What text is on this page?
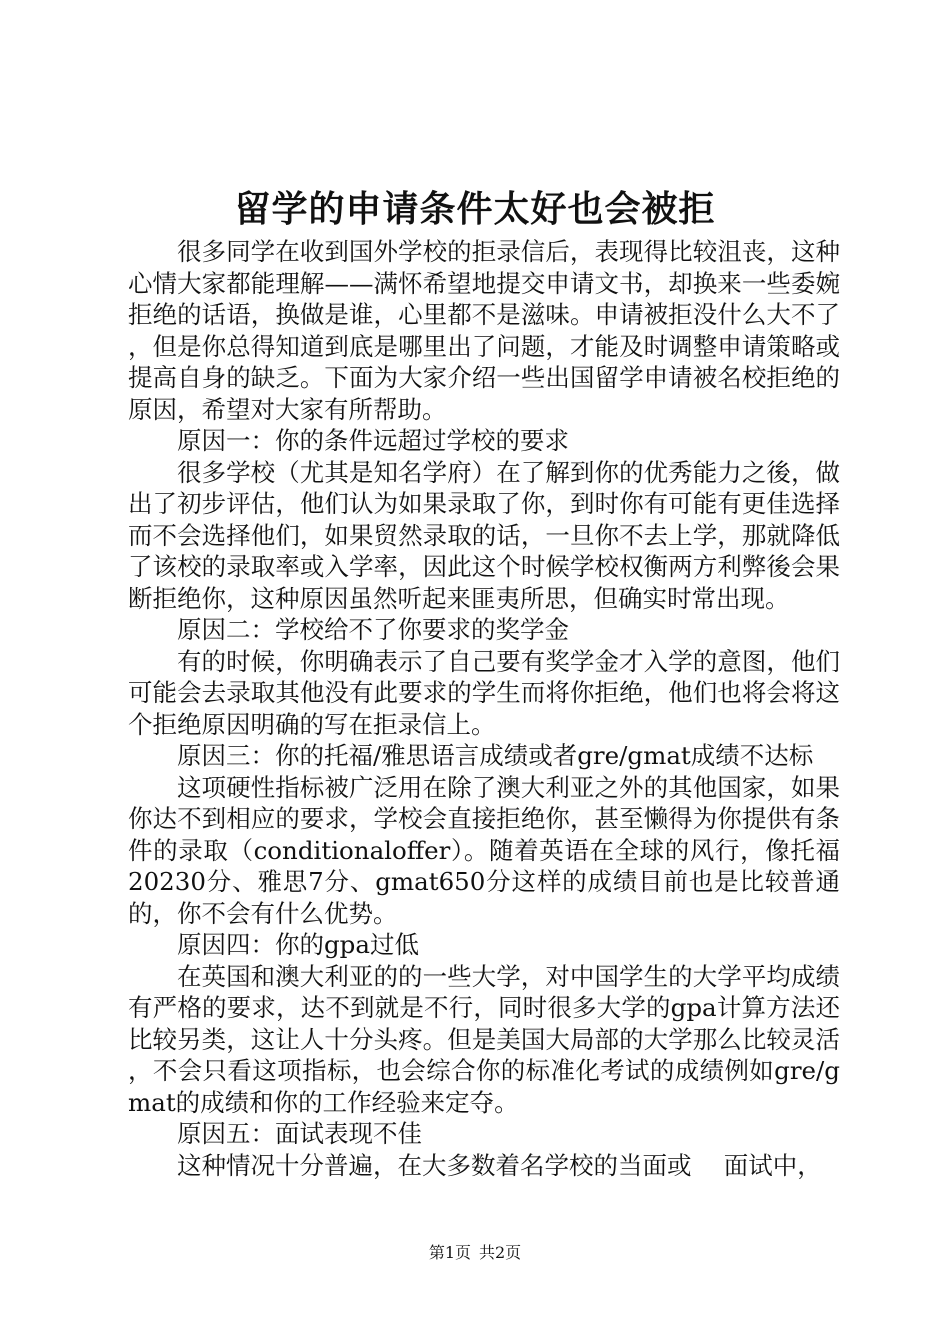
留学的申请条件太好也会被拒

很多同学在收到国外学校的拒录信后，表现得比较沮丧，这种心情大家都能理解——满怀希望地提交申请文书，却换来一些委婉拒绝的话语，换做是谁，心里都不是滋味。申请被拒没什么大不了，但是你总得知道到底是哪里出了问题，才能及时调整申请策略或提高自身的缺乏。下面为大家介绍一些出国留学申请被名校拒绝的原因，希望对大家有所帮助。

原因一：你的条件远超过学校的要求

很多学校（尤其是知名学府）在了解到你的优秀能力之後，做出了初步评估，他们认为如果录取了你，到时你有可能有更佳选择而不会选择他们，如果贸然录取的话，一旦你不去上学，那就降低了该校的录取率或入学率，因此这个时候学校权衡两方利弊後会果断拒绝你，这种原因虽然听起来匪夷所思，但确实时常出现。

原因二：学校给不了你要求的奖学金

有的时候，你明确表示了自己要有奖学金才入学的意图，他们可能会去录取其他没有此要求的学生而将你拒绝，他们也将会将这个拒绝原因明确的写在拒录信上。

原因三：你的托福/雅思语言成绩或者gre/gmat成绩不达标

这项硬性指标被广泛用在除了澳大利亚之外的其他国家，如果你达不到相应的要求，学校会直接拒绝你，甚至懒得为你提供有条件的录取（conditionaloffer）。随着英语在全球的风行，像托福20230分、雅思7分、gmat650分这样的成绩目前也是比较普通的，你不会有什么优势。

原因四：你的gpa过低

在英国和澳大利亚的的一些大学，对中国学生的大学平均成绩有严格的要求，达不到就是不行，同时很多大学的gpa计算方法还比较另类，这让人十分头疼。但是美国大局部的大学那么比较灵活，不会只看这项指标，也会综合你的标准化考试的成绩例如gre/gmat的成绩和你的工作经验来定夺。

原因五：面试表现不佳

这种情况十分普遍，在大多数着名学校的当面或　 面试中，

第1页 共2页
